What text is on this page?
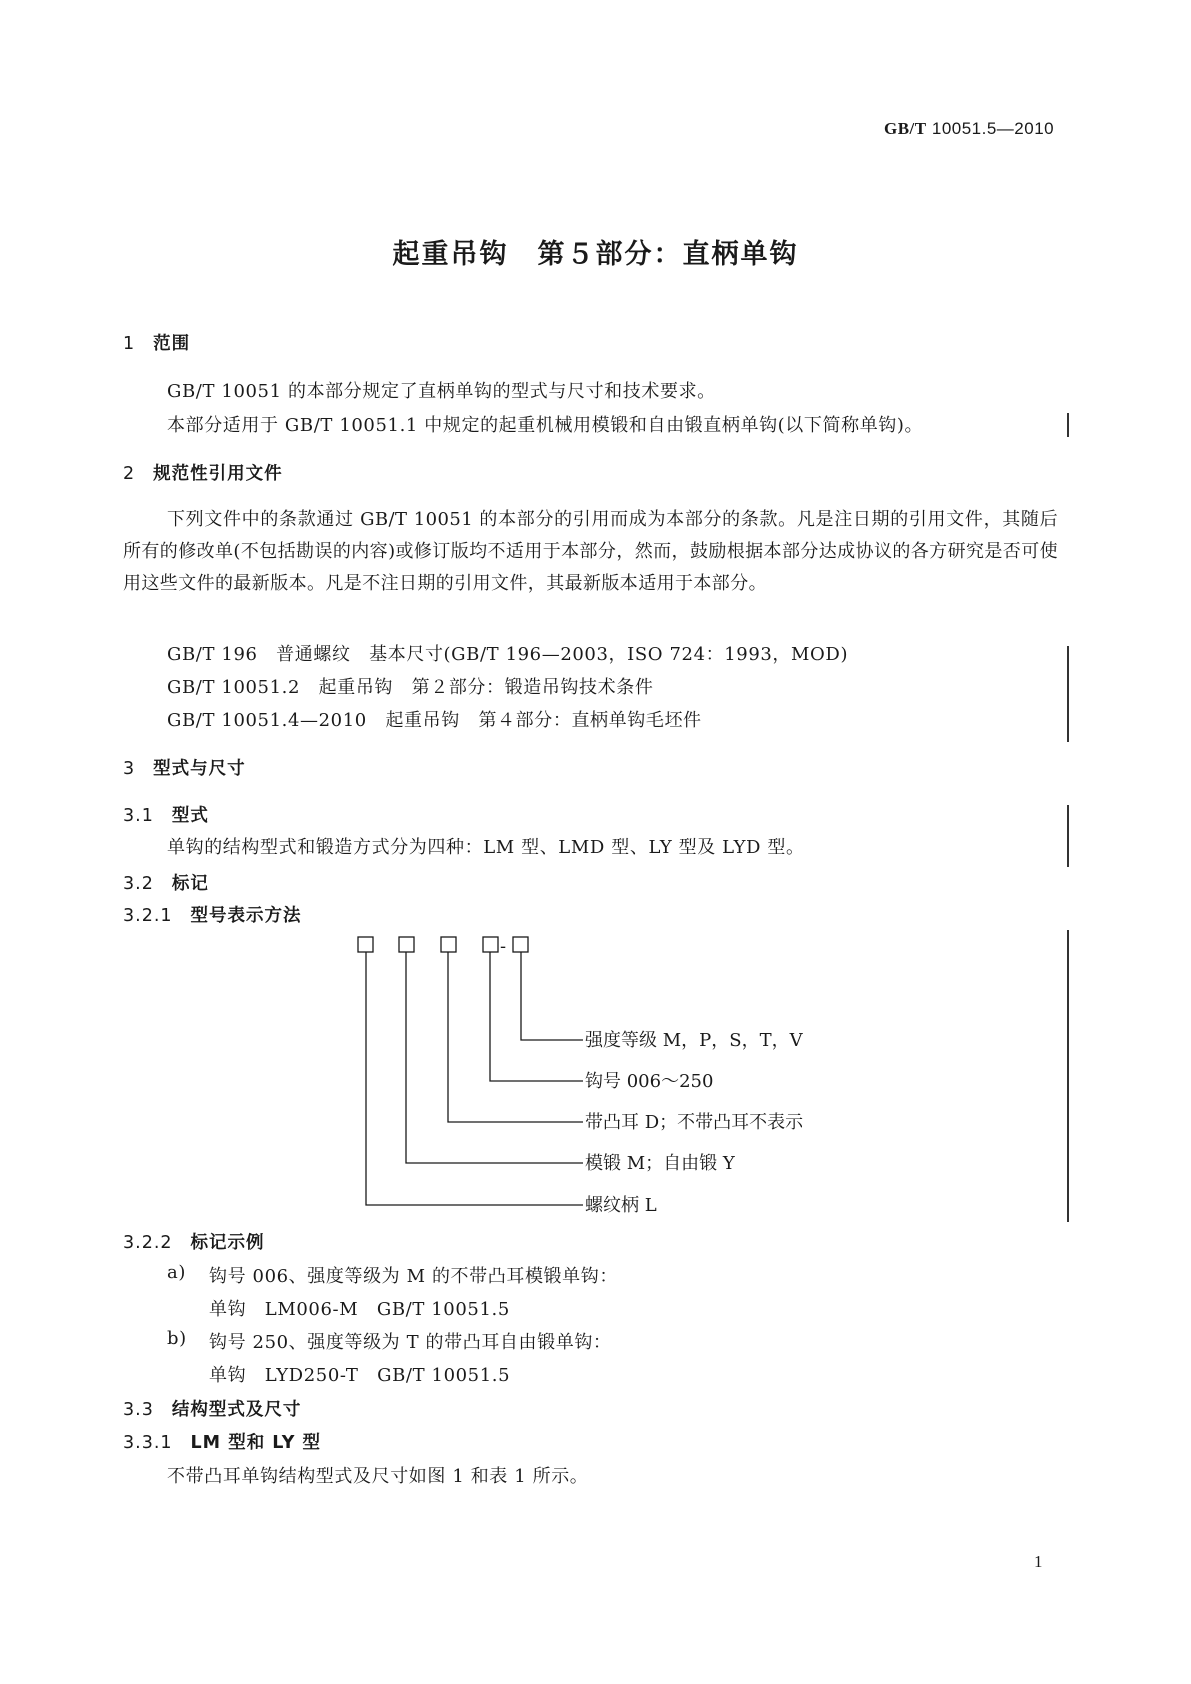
GB/T 10051.5—2010
起重吊钩　第５部分：直柄单钩
1 范围
GB/T 10051 的本部分规定了直柄单钩的型式与尺寸和技术要求。
本部分适用于 GB/T 10051.1 中规定的起重机械用模锻和自由锻直柄单钩(以下简称单钩)。
2 规范性引用文件
下列文件中的条款通过 GB/T 10051 的本部分的引用而成为本部分的条款。凡是注日期的引用文件，其随后所有的修改单(不包括勘误的内容)或修订版均不适用于本部分，然而，鼓励根据本部分达成协议的各方研究是否可使用这些文件的最新版本。凡是不注日期的引用文件，其最新版本适用于本部分。
GB/T 196　普通螺纹　基本尺寸(GB/T 196—2003，ISO 724：1993，MOD)
GB/T 10051.2　起重吊钩　第２部分：锻造吊钩技术条件
GB/T 10051.4—2010　起重吊钩　第４部分：直柄单钩毛坯件
3 型式与尺寸
3.1 型式
单钩的结构型式和锻造方式分为四种：LM 型、LMD 型、LY 型及 LYD 型。
3.2 标记
3.2.1 型号表示方法
-
强度等级 M，P，S，T，V
钩号 006～250
带凸耳 D；不带凸耳不表示
模锻 M；自由锻 Y
螺纹柄 L
3.2.2 标记示例
a) 钩号 006、强度等级为 M 的不带凸耳模锻单钩：
单钩　LM006-M　GB/T 10051.5
b) 钩号 250、强度等级为 T 的带凸耳自由锻单钩：
单钩　LYD250-T　GB/T 10051.5
3.3 结构型式及尺寸
3.3.1 LM 型和 LY 型
不带凸耳单钩结构型式及尺寸如图 1 和表 1 所示。
1
